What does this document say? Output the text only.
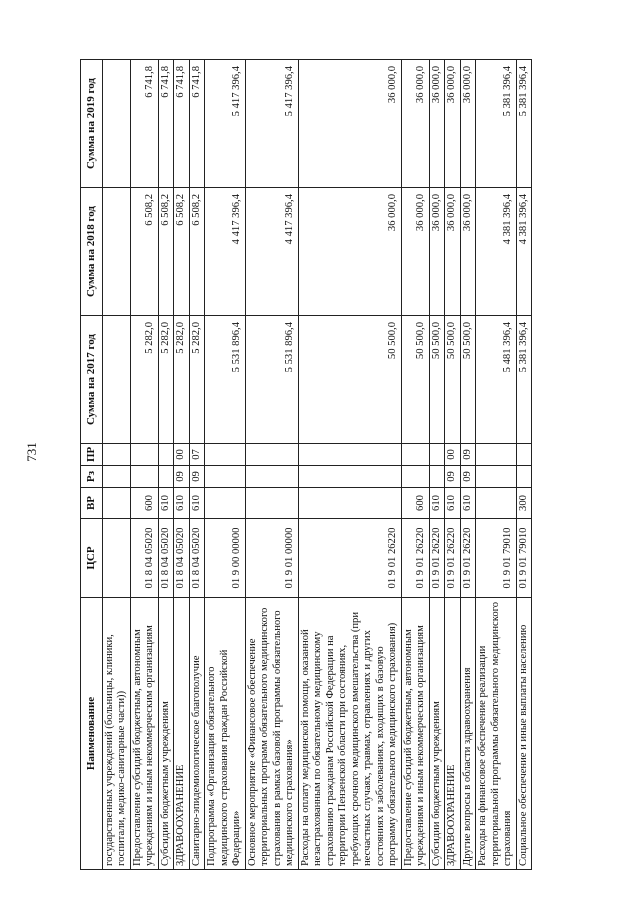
731
Наименование	ЦСР	ВР	Рз	ПР	Сумма на 2017 год	Сумма на 2018 год	Сумма на 2019 год
государственных учреждений (больницы, клиники, госпитали, медико-санитарные части))							
Предоставление субсидий бюджетным, автономным учреждениям и иным некоммерческим организациям	01 8 04 05020	600			5 282,0	6 508,2	6 741,8
Субсидии бюджетным учреждениям	01 8 04 05020	610			5 282,0	6 508,2	6 741,8
ЗДРАВООХРАНЕНИЕ	01 8 04 05020	610	09	00	5 282,0	6 508,2	6 741,8
Санитарно-эпидемиологическое благополучие	01 8 04 05020	610	09	07	5 282,0	6 508,2	6 741,8
Подпрограмма «Организация обязательного медицинского страхования граждан Российской Федерации»	01 9 00 00000				5 531 896,4	4 417 396,4	5 417 396,4
Основное мероприятие «Финансовое обеспечение территориальных программ обязательного медицинского страхования в рамках базовой программы обязательного медицинского страхования»	01 9 01 00000				5 531 896,4	4 417 396,4	5 417 396,4
Расходы на оплату медицинской помощи, оказанной незастрахованным по обязательному медицинскому страхованию гражданам Российской Федерации на территории Пензенской области при состояниях, требующих срочного медицинского вмешательства (при несчастных случаях, травмах, отравлениях и других состояниях и заболеваниях, входящих в базовую программу обязательного медицинского страхования)	01 9 01 26220				50 500,0	36 000,0	36 000,0
Предоставление субсидий бюджетным, автономным учреждениям и иным некоммерческим организациям	01 9 01 26220	600			50 500,0	36 000,0	36 000,0
Субсидии бюджетным учреждениям	01 9 01 26220	610			50 500,0	36 000,0	36 000,0
ЗДРАВООХРАНЕНИЕ	01 9 01 26220	610	09	00	50 500,0	36 000,0	36 000,0
Другие вопросы в области здравоохранения	01 9 01 26220	610	09	09	50 500,0	36 000,0	36 000,0
Расходы на финансовое обеспечение реализации территориальной программы обязательного медицинского страхования	01 9 01 79010				5 481 396,4	4 381 396,4	5 381 396,4
Социальное обеспечение и иные выплаты населению	01 9 01 79010	300			5 381 396,4	4 381 396,4	5 381 396,4
